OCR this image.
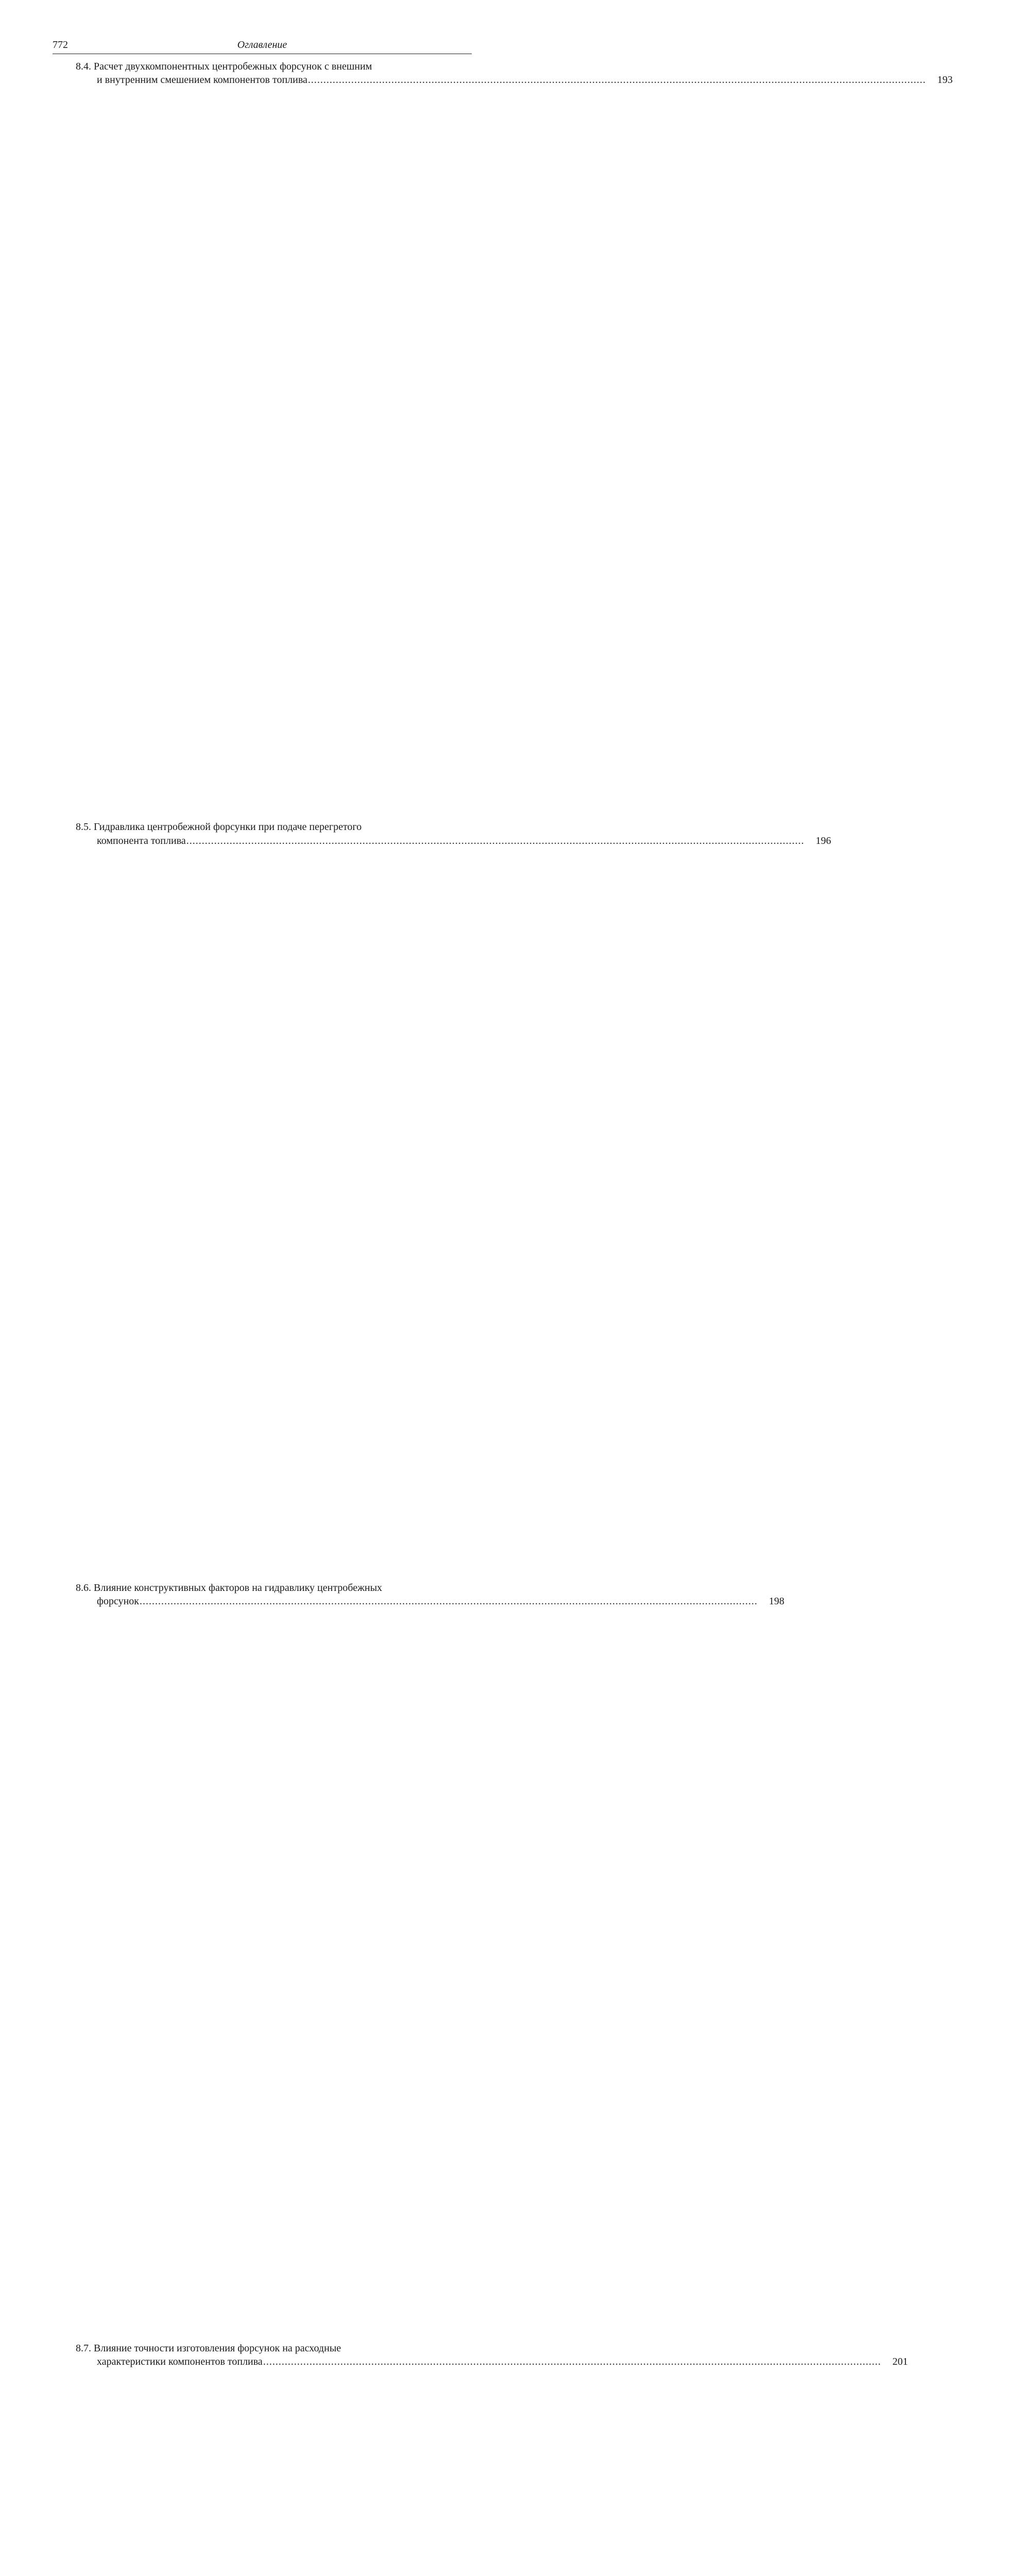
772	Оглавление
8.4. Расчет двухкомпонентных центробежных форсунок с внешним
и внутренним смешением компонентов топлива ........................................................................................................................................................................................................	193
8.5. Гидравлика центробежной форсунки при подаче перегретого
компонента топлива ........................................................................................................................................................................................................	196
8.6. Влияние конструктивных факторов на гидравлику центробежных
форсунок ........................................................................................................................................................................................................	198
8.7. Влияние точности изготовления форсунок на расходные
характеристики компонентов топлива ........................................................................................................................................................................................................	201
